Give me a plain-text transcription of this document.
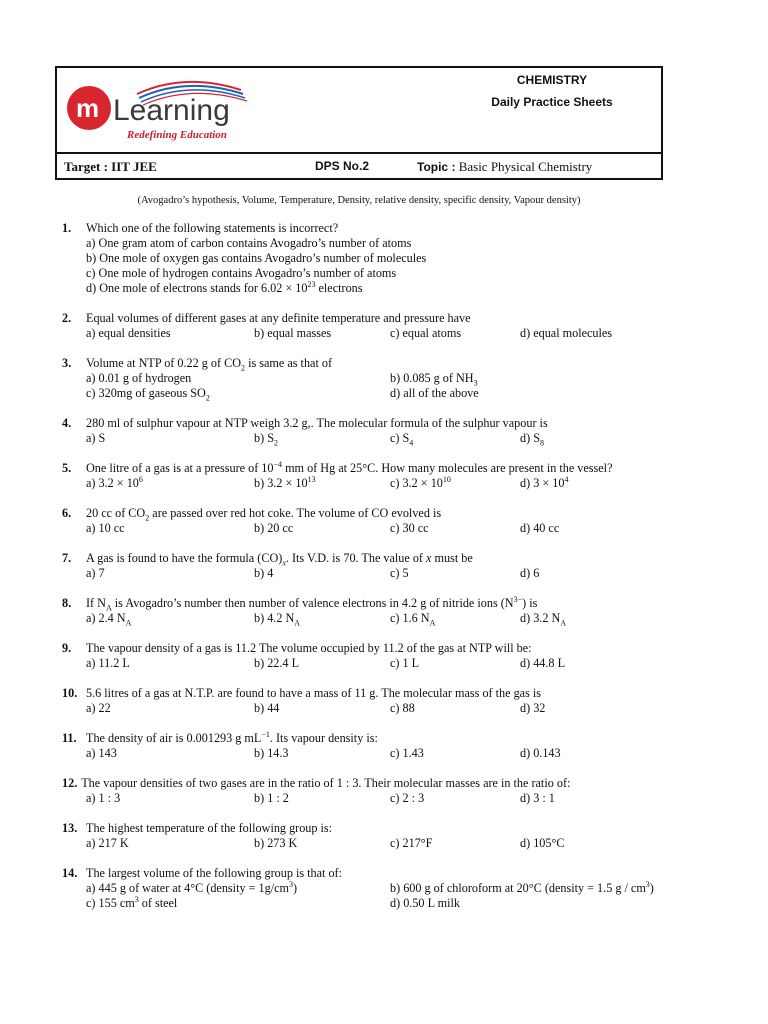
m Learning
Redefining Education
CHEMISTRY
Daily Practice Sheets
Target : IIT JEE	DPS No.2	Topic : Basic Physical Chemistry
(Avogadro’s hypothesis, Volume, Temperature, Density, relative density, specific density, Vapour density)
1.	Which one of the following statements is incorrect?
a) One gram atom of carbon contains Avogadro’s number of atoms
b) One mole of oxygen gas contains Avogadro’s number of molecules
c) One mole of hydrogen contains Avogadro’s number of atoms
d) One mole of electrons stands for $6.02 \times 10^{23}$ electrons
2.	Equal volumes of different gases at any definite temperature and pressure have
a) equal densities	b) equal masses	c) equal atoms	d) equal molecules
3.	Volume at NTP of 0.22 g of $CO_2$ is same as that of
a) 0.01 g of hydrogen	b) 0.085 g of $NH_3$
c) 320mg of gaseous $SO_2$	d) all of the above
4.	280 ml of sulphur vapour at NTP weigh 3.2 g,. The molecular formula of the sulphur vapour is
a) S	b) $S_2$	c) $S_4$	d) $S_8$
5.	One litre of a gas is at a pressure of $10^{-4}$ mm of Hg at 25°C. How many molecules are present in the vessel?
a) $3.2 \times 10^6$	b) $3.2 \times 10^{13}$	c) $3.2 \times 10^{10}$	d) $3 \times 10^4$
6.	20 cc of $CO_2$ are passed over red hot coke. The volume of CO evolved is
a) 10 cc	b) 20 cc	c) 30 cc	d) 40 cc
7.	A gas is found to have the formula $(CO)_x$. Its V.D. is 70. The value of x must be
a) 7	b) 4	c) 5	d) 6
8.	If $N_A$ is Avogadro’s number then number of valence electrons in 4.2 g of nitride ions $(N^{3-})$ is
a) 2.4 $N_A$	b) 4.2 $N_A$	c) 1.6 $N_A$	d) 3.2 $N_A$
9.	The vapour density of a gas is 11.2 The volume occupied by 11.2 of the gas at NTP will be:
a) 11.2 L	b) 22.4 L	c) 1 L	d) 44.8 L
10. 5.6 litres of a gas at N.T.P. are found to have a mass of 11 g. The molecular mass of the gas is
a) 22	b) 44	c) 88	d) 32
11. The density of air is 0.001293 g $mL^{-1}$. Its vapour density is:
a) 143	b) 14.3	c) 1.43	d) 0.143
12. The vapour densities of two gases are in the ratio of 1 : 3. Their molecular masses are in the ratio of:
a) 1 : 3	b) 1 : 2	c) 2 : 3	d) 3 : 1
13. The highest temperature of the following group is:
a) 217 K	b) 273 K	c) 217°F	d) 105°C
14. The largest volume of the following group is that of:
a) 445 g of water at 4°C (density = $1g/cm^3$)	b) 600 g of chloroform at 20°C (density = 1.5 g / $cm^3$)
c) 155 $cm^3$ of steel	d) 0.50 L milk
